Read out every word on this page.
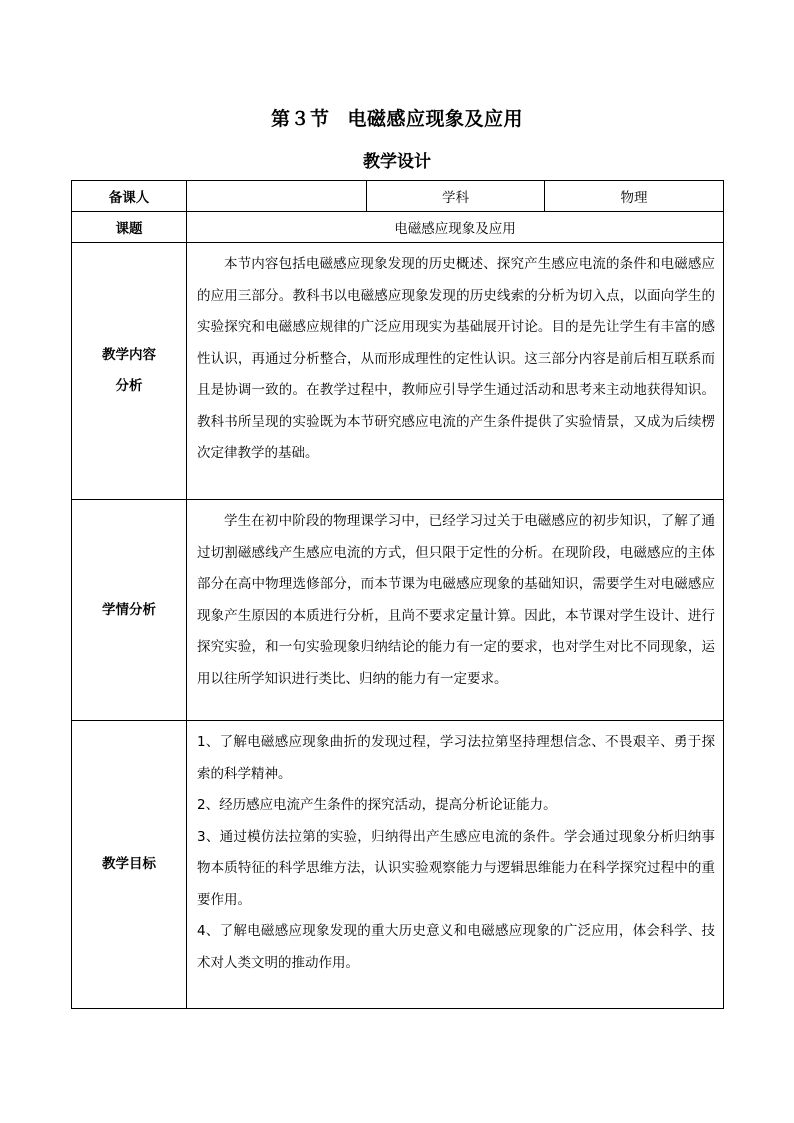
第３节 电磁感应现象及应用
教学设计
备课人		学科	物理
课题	电磁感应现象及应用		

教学内容
分析	本节内容包括电磁感应现象发现的历史概述、探究产生感应电流的条件和电磁感应的应用三部分。教科书以电磁感应现象发现的历史线索的分析为切入点，以面向学生的实验探究和电磁感应规律的广泛应用现实为基础展开讨论。目的是先让学生有丰富的感性认识，再通过分析整合，从而形成理性的定性认识。这三部分内容是前后相互联系而且是协调一致的。在教学过程中，教师应引导学生通过活动和思考来主动地获得知识。教科书所呈现的实验既为本节研究感应电流的产生条件提供了实验情景，又成为后续楞次定律教学的基础。		

学情分析	学生在初中阶段的物理课学习中，已经学习过关于电磁感应的初步知识，了解了通过切割磁感线产生感应电流的方式，但只限于定性的分析。在现阶段，电磁感应的主体部分在高中物理选修部分，而本节课为电磁感应现象的基础知识，需要学生对电磁感应现象产生原因的本质进行分析，且尚不要求定量计算。因此，本节课对学生设计、进行探究实验，和一句实验现象归纳结论的能力有一定的要求，也对学生对比不同现象，运用以往所学知识进行类比、归纳的能力有一定要求。		

教学目标	1、了解电磁感应现象曲折的发现过程，学习法拉第坚持理想信念、不畏艰辛、勇于探索的科学精神。

2、经历感应电流产生条件的探究活动，提高分析论证能力。

3、通过模仿法拉第的实验，归纳得出产生感应电流的条件。学会通过现象分析归纳事物本质特征的科学思维方法，认识实验观察能力与逻辑思维能力在科学探究过程中的重要作用。

4、了解电磁感应现象发现的重大历史意义和电磁感应现象的广泛应用，体会科学、技术对人类文明的推动作用。		
